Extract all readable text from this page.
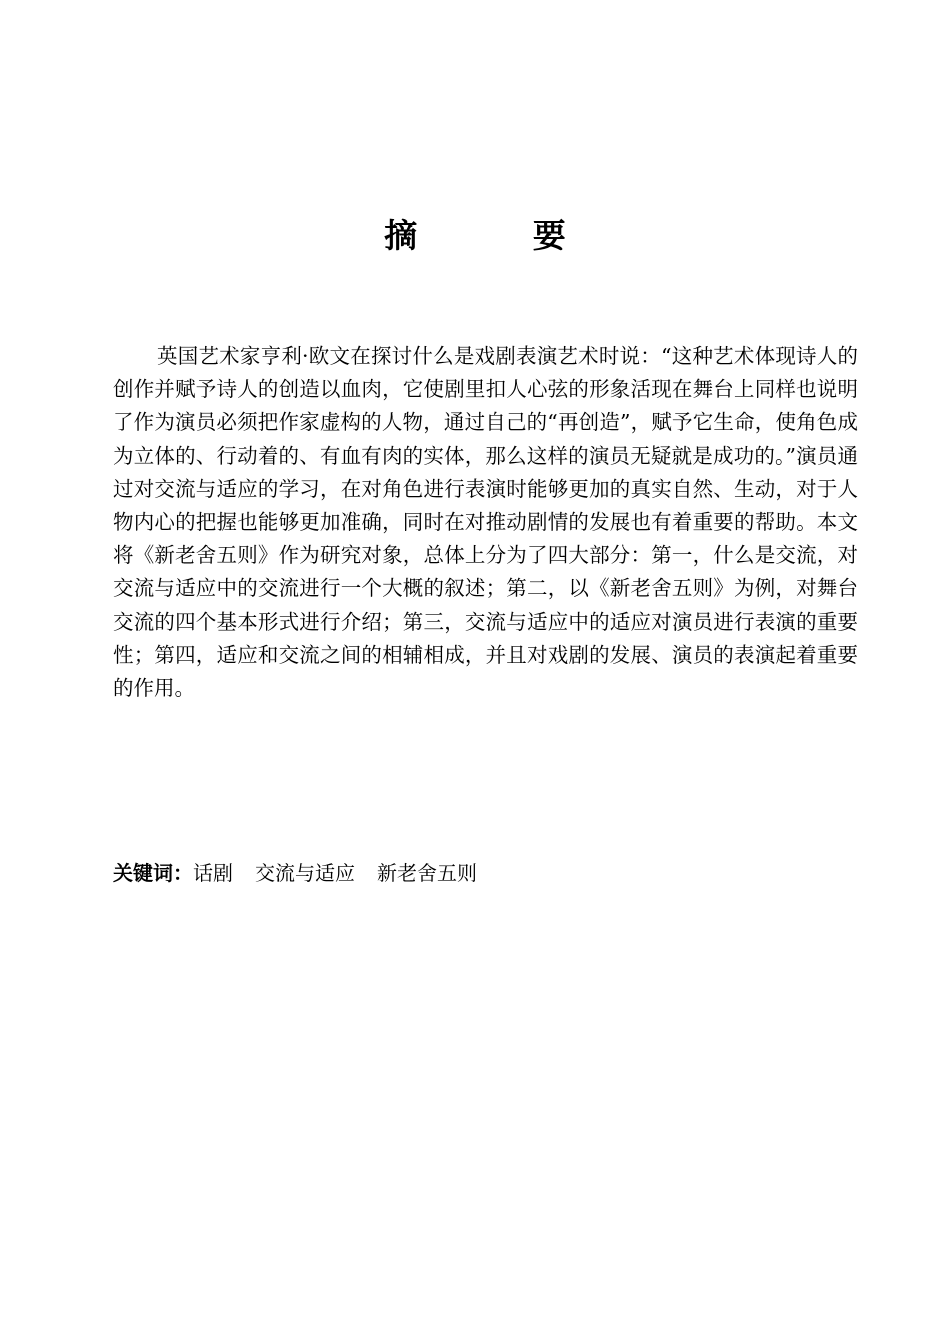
摘 要

英国艺术家亨利·欧文在探讨什么是戏剧表演艺术时说：“这种艺术体现诗人的创作并赋予诗人的创造以血肉，它使剧里扣人心弦的形象活现在舞台上同样也说明了作为演员必须把作家虚构的人物，通过自己的“再创造”，赋予它生命，使角色成为立体的、行动着的、有血有肉的实体，那么这样的演员无疑就是成功的。”演员通过对交流与适应的学习，在对角色进行表演时能够更加的真实自然、生动，对于人物内心的把握也能够更加准确，同时在对推动剧情的发展也有着重要的帮助。本文将《新老舍五则》作为研究对象，总体上分为了四大部分：第一，什么是交流，对交流与适应中的交流进行一个大概的叙述；第二，以《新老舍五则》为例，对舞台交流的四个基本形式进行介绍；第三，交流与适应中的适应对演员进行表演的重要性；第四，适应和交流之间的相辅相成，并且对戏剧的发展、演员的表演起着重要的作用。

关键词：话剧 交流与适应 新老舍五则
